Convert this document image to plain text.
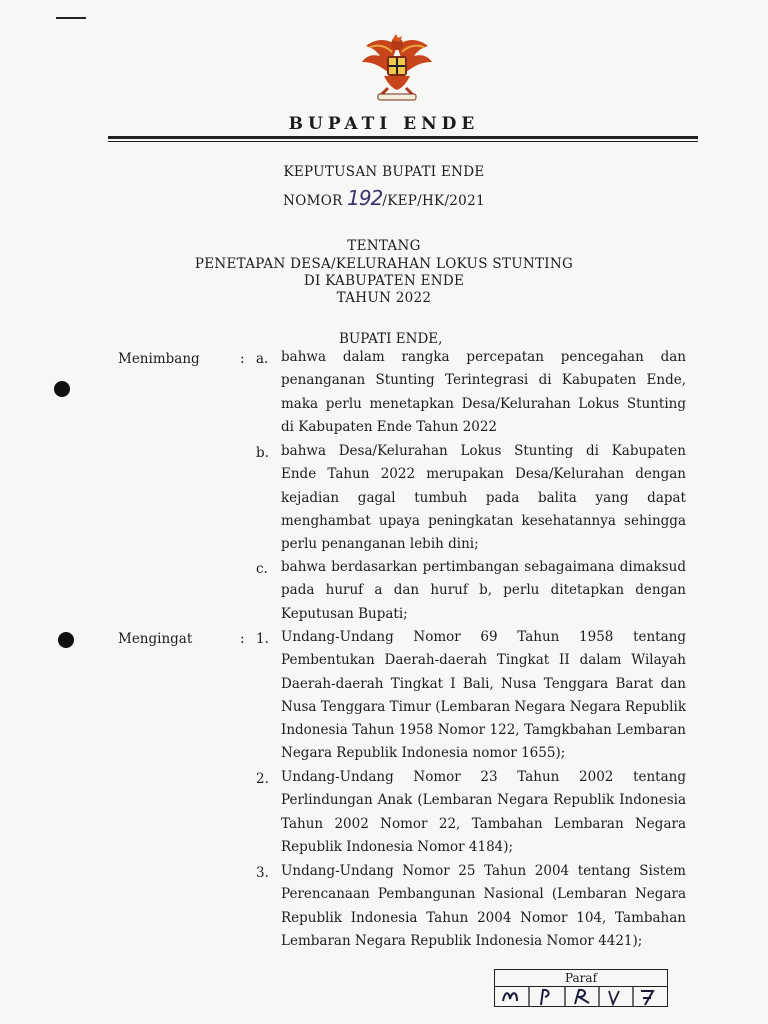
BUPATI ENDE
KEPUTUSAN BUPATI ENDE
NOMOR 192/KEP/HK/2021
TENTANG
PENETAPAN DESA/KELURAHAN LOKUS STUNTING
DI KABUPATEN ENDE
TAHUN 2022
BUPATI ENDE,
Menimbang	: a. bahwa dalam rangka percepatan pencegahan dan
penanganan Stunting Terintegrasi di Kabupaten Ende,
maka perlu menetapkan Desa/Kelurahan Lokus Stunting
di Kabupaten Ende Tahun 2022
b. bahwa Desa/Kelurahan Lokus Stunting di Kabupaten
Ende Tahun 2022 merupakan Desa/Kelurahan dengan
kejadian gagal tumbuh pada balita yang dapat
menghambat upaya peningkatan kesehatannya sehingga
perlu penanganan lebih dini;
c. bahwa berdasarkan pertimbangan sebagaimana dimaksud
pada huruf a dan huruf b, perlu ditetapkan dengan
Keputusan Bupati;
Mengingat	: 1. Undang-Undang Nomor 69 Tahun 1958 tentang
Pembentukan Daerah-daerah Tingkat II dalam Wilayah
Daerah-daerah Tingkat I Bali, Nusa Tenggara Barat dan
Nusa Tenggara Timur (Lembaran Negara Negara Republik
Indonesia Tahun 1958 Nomor 122, Tamgkbahan Lembaran
Negara Republik Indonesia nomor 1655);
2. Undang-Undang Nomor 23 Tahun 2002 tentang
Perlindungan Anak (Lembaran Negara Republik Indonesia
Tahun 2002 Nomor 22, Tambahan Lembaran Negara
Republik Indonesia Nomor 4184);
3. Undang-Undang Nomor 25 Tahun 2004 tentang Sistem
Perencanaan Pembangunan Nasional (Lembaran Negara
Republik Indonesia Tahun 2004 Nomor 104, Tambahan
Lembaran Negara Republik Indonesia Nomor 4421);
Paraf
